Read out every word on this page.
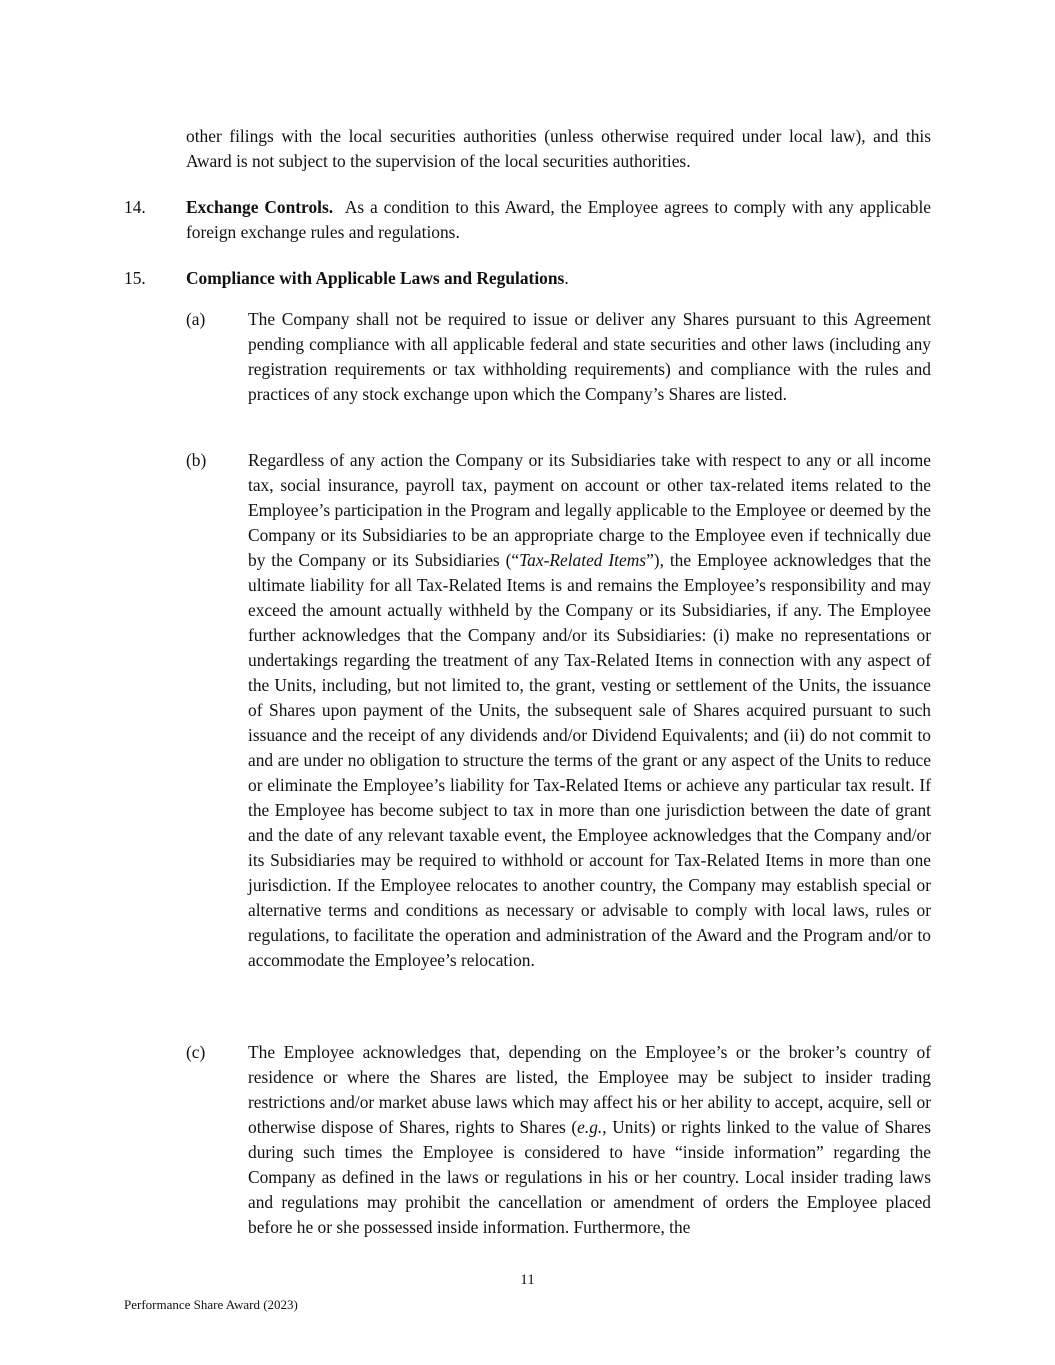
other filings with the local securities authorities (unless otherwise required under local law), and this Award is not subject to the supervision of the local securities authorities.

14. Exchange Controls. As a condition to this Award, the Employee agrees to comply with any applicable foreign exchange rules and regulations.

15. Compliance with Applicable Laws and Regulations.

(a) The Company shall not be required to issue or deliver any Shares pursuant to this Agreement pending compliance with all applicable federal and state securities and other laws (including any registration requirements or tax withholding requirements) and compliance with the rules and practices of any stock exchange upon which the Company’s Shares are listed.

(b) Regardless of any action the Company or its Subsidiaries take with respect to any or all income tax, social insurance, payroll tax, payment on account or other tax-related items related to the Employee’s participation in the Program and legally applicable to the Employee or deemed by the Company or its Subsidiaries to be an appropriate charge to the Employee even if technically due by the Company or its Subsidiaries (“Tax-Related Items”), the Employee acknowledges that the ultimate liability for all Tax-Related Items is and remains the Employee’s responsibility and may exceed the amount actually withheld by the Company or its Subsidiaries, if any. The Employee further acknowledges that the Company and/or its Subsidiaries: (i) make no representations or undertakings regarding the treatment of any Tax-Related Items in connection with any aspect of the Units, including, but not limited to, the grant, vesting or settlement of the Units, the issuance of Shares upon payment of the Units, the subsequent sale of Shares acquired pursuant to such issuance and the receipt of any dividends and/or Dividend Equivalents; and (ii) do not commit to and are under no obligation to structure the terms of the grant or any aspect of the Units to reduce or eliminate the Employee’s liability for Tax-Related Items or achieve any particular tax result. If the Employee has become subject to tax in more than one jurisdiction between the date of grant and the date of any relevant taxable event, the Employee acknowledges that the Company and/or its Subsidiaries may be required to withhold or account for Tax-Related Items in more than one jurisdiction. If the Employee relocates to another country, the Company may establish special or alternative terms and conditions as necessary or advisable to comply with local laws, rules or regulations, to facilitate the operation and administration of the Award and the Program and/or to accommodate the Employee’s relocation.

(c) The Employee acknowledges that, depending on the Employee’s or the broker’s country of residence or where the Shares are listed, the Employee may be subject to insider trading restrictions and/or market abuse laws which may affect his or her ability to accept, acquire, sell or otherwise dispose of Shares, rights to Shares (e.g., Units) or rights linked to the value of Shares during such times the Employee is considered to have “inside information” regarding the Company as defined in the laws or regulations in his or her country. Local insider trading laws and regulations may prohibit the cancellation or amendment of orders the Employee placed before he or she possessed inside information. Furthermore, the

11
Performance Share Award (2023)
